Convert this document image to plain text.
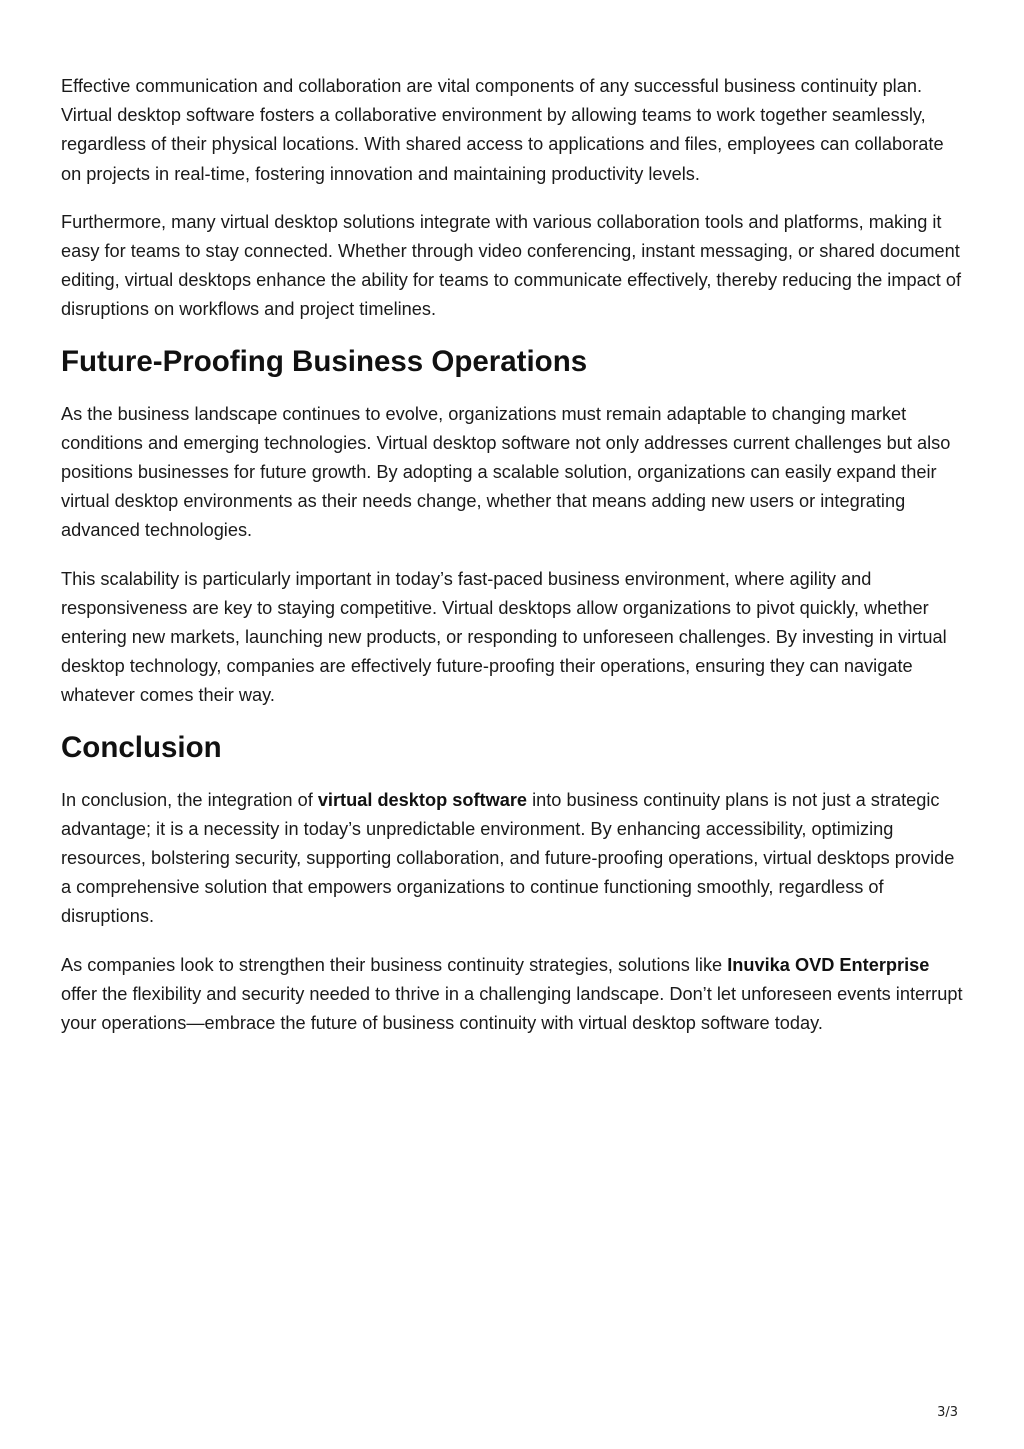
Effective communication and collaboration are vital components of any successful business continuity plan. Virtual desktop software fosters a collaborative environment by allowing teams to work together seamlessly, regardless of their physical locations. With shared access to applications and files, employees can collaborate on projects in real-time, fostering innovation and maintaining productivity levels.

Furthermore, many virtual desktop solutions integrate with various collaboration tools and platforms, making it easy for teams to stay connected. Whether through video conferencing, instant messaging, or shared document editing, virtual desktops enhance the ability for teams to communicate effectively, thereby reducing the impact of disruptions on workflows and project timelines.

Future-Proofing Business Operations

As the business landscape continues to evolve, organizations must remain adaptable to changing market conditions and emerging technologies. Virtual desktop software not only addresses current challenges but also positions businesses for future growth. By adopting a scalable solution, organizations can easily expand their virtual desktop environments as their needs change, whether that means adding new users or integrating advanced technologies.

This scalability is particularly important in today’s fast-paced business environment, where agility and responsiveness are key to staying competitive. Virtual desktops allow organizations to pivot quickly, whether entering new markets, launching new products, or responding to unforeseen challenges. By investing in virtual desktop technology, companies are effectively future-proofing their operations, ensuring they can navigate whatever comes their way.

Conclusion

In conclusion, the integration of virtual desktop software into business continuity plans is not just a strategic advantage; it is a necessity in today’s unpredictable environment. By enhancing accessibility, optimizing resources, bolstering security, supporting collaboration, and future-proofing operations, virtual desktops provide a comprehensive solution that empowers organizations to continue functioning smoothly, regardless of disruptions.

As companies look to strengthen their business continuity strategies, solutions like Inuvika OVD Enterprise offer the flexibility and security needed to thrive in a challenging landscape. Don’t let unforeseen events interrupt your operations—embrace the future of business continuity with virtual desktop software today.

3/3
